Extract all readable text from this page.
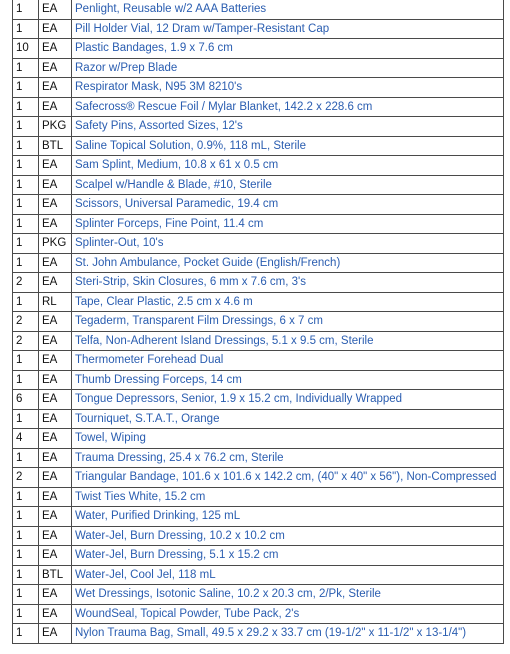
1	EA	Penlight, Reusable w/2 AAA Batteries
1	EA	Pill Holder Vial, 12 Dram w/Tamper-Resistant Cap
10	EA	Plastic Bandages, 1.9 x 7.6 cm
1	EA	Razor w/Prep Blade
1	EA	Respirator Mask, N95 3M 8210's
1	EA	Safecross® Rescue Foil / Mylar Blanket, 142.2 x 228.6 cm
1	PKG	Safety Pins, Assorted Sizes, 12's
1	BTL	Saline Topical Solution, 0.9%, 118 mL, Sterile
1	EA	Sam Splint, Medium, 10.8 x 61 x 0.5 cm
1	EA	Scalpel w/Handle & Blade, #10, Sterile
1	EA	Scissors, Universal Paramedic, 19.4 cm
1	EA	Splinter Forceps, Fine Point, 11.4 cm
1	PKG	Splinter-Out, 10's
1	EA	St. John Ambulance, Pocket Guide (English/French)
2	EA	Steri-Strip, Skin Closures, 6 mm x 7.6 cm, 3's
1	RL	Tape, Clear Plastic, 2.5 cm x 4.6 m
2	EA	Tegaderm, Transparent Film Dressings, 6 x 7 cm
2	EA	Telfa, Non-Adherent Island Dressings, 5.1 x 9.5 cm, Sterile
1	EA	Thermometer Forehead Dual
1	EA	Thumb Dressing Forceps, 14 cm
6	EA	Tongue Depressors, Senior, 1.9 x 15.2 cm, Individually Wrapped
1	EA	Tourniquet, S.T.A.T., Orange
4	EA	Towel, Wiping
1	EA	Trauma Dressing, 25.4 x 76.2 cm, Sterile
2	EA	Triangular Bandage, 101.6 x 101.6 x 142.2 cm, (40" x 40" x 56"), Non-Compressed
1	EA	Twist Ties White, 15.2 cm
1	EA	Water, Purified Drinking, 125 mL
1	EA	Water-Jel, Burn Dressing, 10.2 x 10.2 cm
1	EA	Water-Jel, Burn Dressing, 5.1 x 15.2 cm
1	BTL	Water-Jel, Cool Jel, 118 mL
1	EA	Wet Dressings, Isotonic Saline, 10.2 x 20.3 cm, 2/Pk, Sterile
1	EA	WoundSeal, Topical Powder, Tube Pack, 2's
1	EA	Nylon Trauma Bag, Small, 49.5 x 29.2 x 33.7 cm (19-1/2" x 11-1/2" x 13-1/4")
